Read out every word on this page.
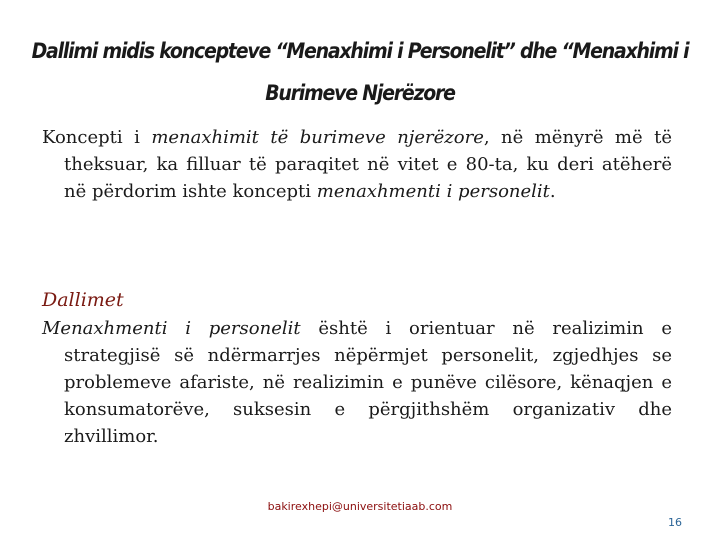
Dallimi midis koncepteve “Menaxhimi i Personelit” dhe “Menaxhimi i
Burimeve Njerëzore

Koncepti i menaxhimit të burimeve njerëzore, në mënyrë më të theksuar, ka filluar të paraqitet në vitet e 80-ta, ku deri atëherë në përdorim ishte koncepti menaxhmenti i personelit.

Dallimet

Menaxhmenti i personelit është i orientuar në realizimin e strategjisë së ndërmarrjes nëpërmjet personelit, zgjedhjes se problemeve afariste, në realizimin e punëve cilësore, kënaqjen e konsumatorëve, suksesin e përgjithshëm organizativ dhe zhvillimor.

bakirexhepi@universitetiaab.com
16
